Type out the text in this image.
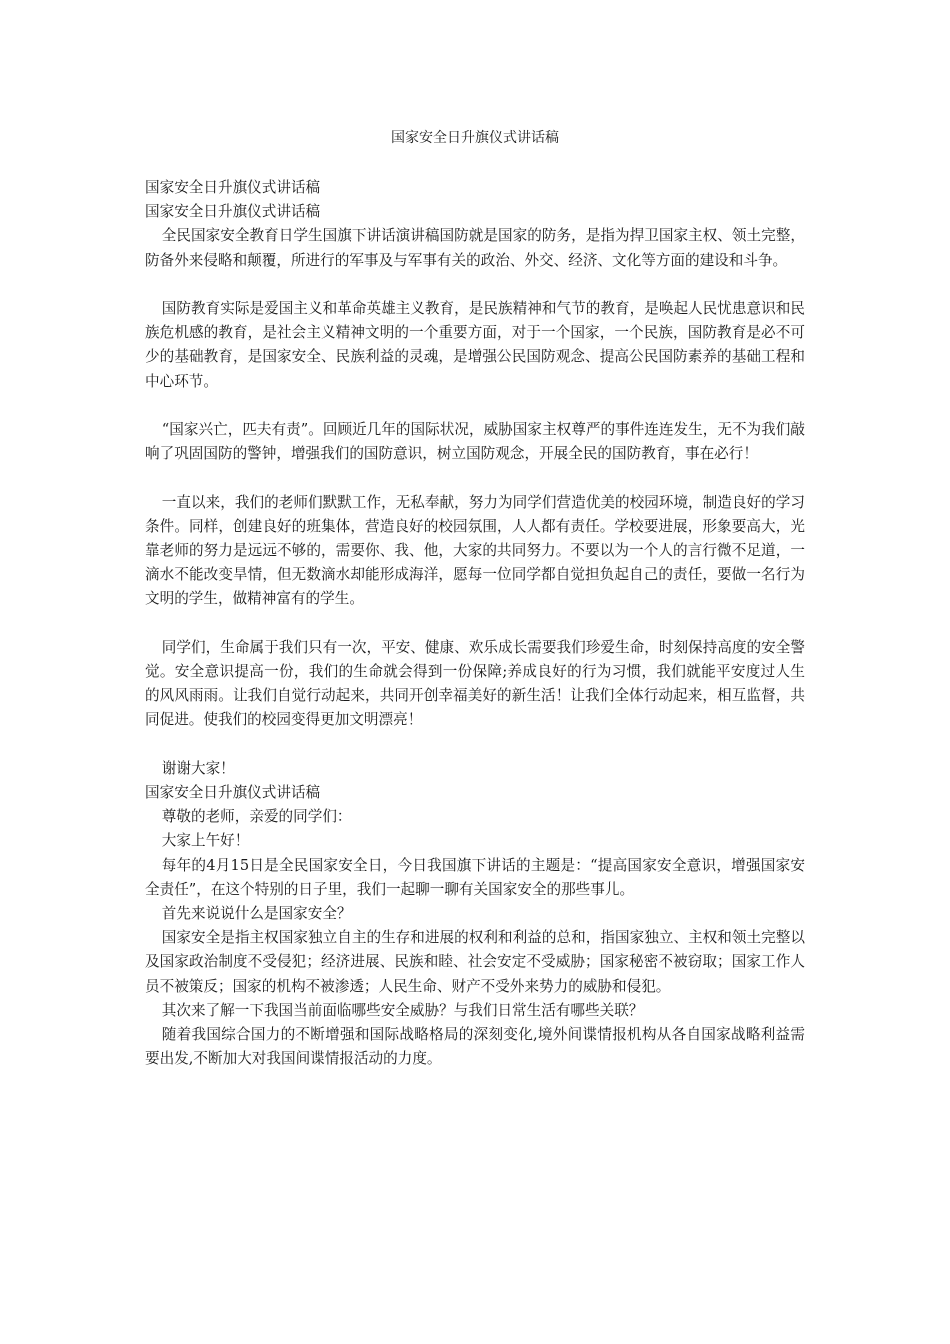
国家安全日升旗仪式讲话稿
国家安全日升旗仪式讲话稿
国家安全日升旗仪式讲话稿
全民国家安全教育日学生国旗下讲话演讲稿国防就是国家的防务，是指为捍卫国家主权、领土完整，防备外来侵略和颠覆，所进行的军事及与军事有关的政治、外交、经济、文化等方面的建设和斗争。
国防教育实际是爱国主义和革命英雄主义教育，是民族精神和气节的教育，是唤起人民忧患意识和民族危机感的教育，是社会主义精神文明的一个重要方面，对于一个国家，一个民族，国防教育是必不可少的基础教育，是国家安全、民族利益的灵魂，是增强公民国防观念、提高公民国防素养的基础工程和中心环节。
“国家兴亡，匹夫有责”。回顾近几年的国际状况，威胁国家主权尊严的事件连连发生，无不为我们敲响了巩固国防的警钟，增强我们的国防意识，树立国防观念，开展全民的国防教育，事在必行！
一直以来，我们的老师们默默工作，无私奉献，努力为同学们营造优美的校园环境，制造良好的学习条件。同样，创建良好的班集体，营造良好的校园氛围，人人都有责任。学校要进展，形象要高大，光靠老师的努力是远远不够的，需要你、我、他，大家的共同努力。不要以为一个人的言行微不足道，一滴水不能改变旱情，但无数滴水却能形成海洋，愿每一位同学都自觉担负起自己的责任，要做一名行为文明的学生，做精神富有的学生。
同学们，生命属于我们只有一次，平安、健康、欢乐成长需要我们珍爱生命，时刻保持高度的安全警觉。安全意识提高一份，我们的生命就会得到一份保障;养成良好的行为习惯，我们就能平安度过人生的风风雨雨。让我们自觉行动起来，共同开创幸福美好的新生活！让我们全体行动起来，相互监督，共同促进。使我们的校园变得更加文明漂亮！
谢谢大家！
国家安全日升旗仪式讲话稿
尊敬的老师，亲爱的同学们：
大家上午好！
每年的4月15日是全民国家安全日，今日我国旗下讲话的主题是：“提高国家安全意识，增强国家安全责任”，在这个特别的日子里，我们一起聊一聊有关国家安全的那些事儿。
首先来说说什么是国家安全？
国家安全是指主权国家独立自主的生存和进展的权利和利益的总和，指国家独立、主权和领土完整以及国家政治制度不受侵犯；经济进展、民族和睦、社会安定不受威胁；国家秘密不被窃取；国家工作人员不被策反；国家的机构不被渗透；人民生命、财产不受外来势力的威胁和侵犯。
其次来了解一下我国当前面临哪些安全威胁？与我们日常生活有哪些关联？
随着我国综合国力的不断增强和国际战略格局的深刻变化,境外间谍情报机构从各自国家战略利益需要出发,不断加大对我国间谍情报活动的力度。
